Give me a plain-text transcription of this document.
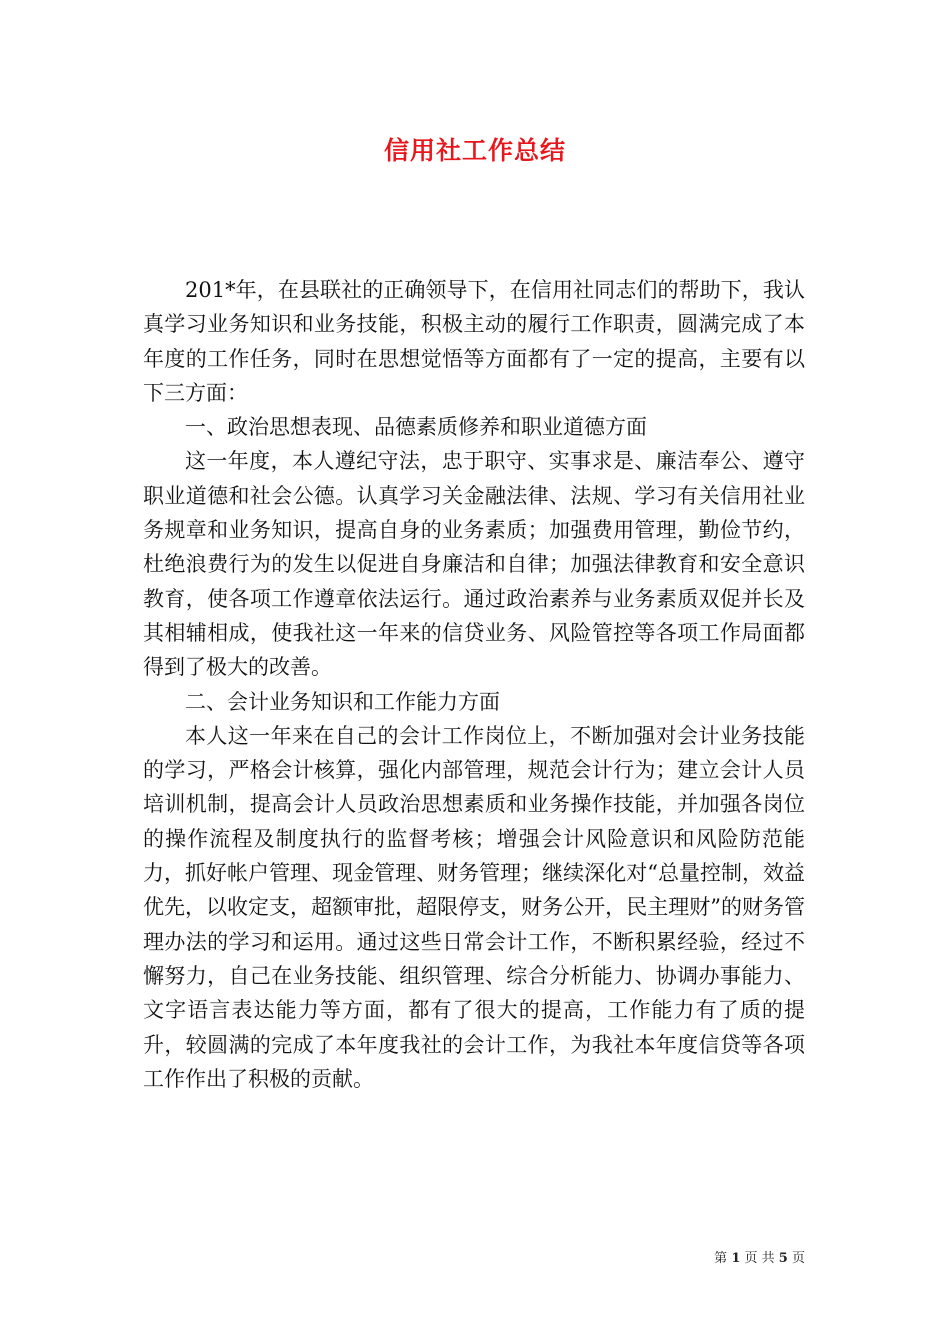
信用社工作总结

201*年，在县联社的正确领导下，在信用社同志们的帮助下，我认真学习业务知识和业务技能，积极主动的履行工作职责，圆满完成了本年度的工作任务，同时在思想觉悟等方面都有了一定的提高，主要有以下三方面：

一、政治思想表现、品德素质修养和职业道德方面

这一年度，本人遵纪守法，忠于职守、实事求是、廉洁奉公、遵守职业道德和社会公德。认真学习关金融法律、法规、学习有关信用社业务规章和业务知识，提高自身的业务素质；加强费用管理，勤俭节约，杜绝浪费行为的发生以促进自身廉洁和自律；加强法律教育和安全意识教育，使各项工作遵章依法运行。通过政治素养与业务素质双促并长及其相辅相成，使我社这一年来的信贷业务、风险管控等各项工作局面都得到了极大的改善。

二、会计业务知识和工作能力方面

本人这一年来在自己的会计工作岗位上，不断加强对会计业务技能的学习，严格会计核算，强化内部管理，规范会计行为；建立会计人员培训机制，提高会计人员政治思想素质和业务操作技能，并加强各岗位的操作流程及制度执行的监督考核；增强会计风险意识和风险防范能力，抓好帐户管理、现金管理、财务管理；继续深化对“总量控制，效益优先，以收定支，超额审批，超限停支，财务公开，民主理财”的财务管理办法的学习和运用。通过这些日常会计工作，不断积累经验，经过不懈努力，自己在业务技能、组织管理、综合分析能力、协调办事能力、文字语言表达能力等方面，都有了很大的提高，工作能力有了质的提升，较圆满的完成了本年度我社的会计工作，为我社本年度信贷等各项工作作出了积极的贡献。

第 1 页 共 5 页
